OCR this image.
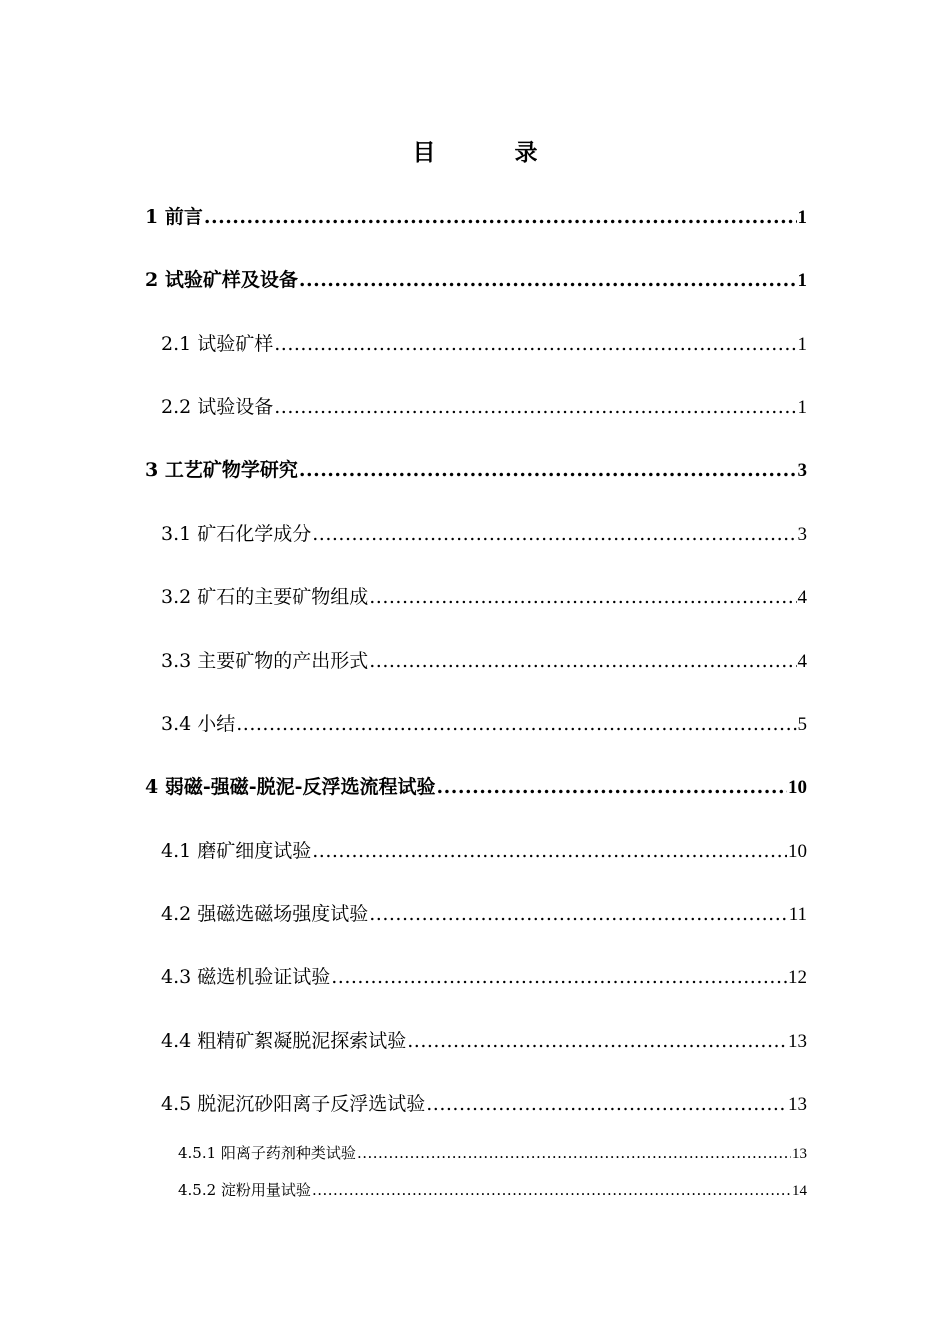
目　录
1 前言 .....	1
2 试验矿样及设备 .....	1
2.1 试验矿样 .....	1
2.2 试验设备 .....	1
3 工艺矿物学研究 .....	3
3.1 矿石化学成分 .....	3
3.2 矿石的主要矿物组成 .....	4
3.3 主要矿物的产出形式 .....	4
3.4 小结 .....	5
4 弱磁-强磁-脱泥-反浮选流程试验 .....	10
4.1 磨矿细度试验 .....	10
4.2 强磁选磁场强度试验 .....	11
4.3 磁选机验证试验 .....	12
4.4 粗精矿絮凝脱泥探索试验 .....	13
4.5 脱泥沉砂阳离子反浮选试验 .....	13
4.5.1 阳离子药剂种类试验 .....	13
4.5.2 淀粉用量试验 .....	14
